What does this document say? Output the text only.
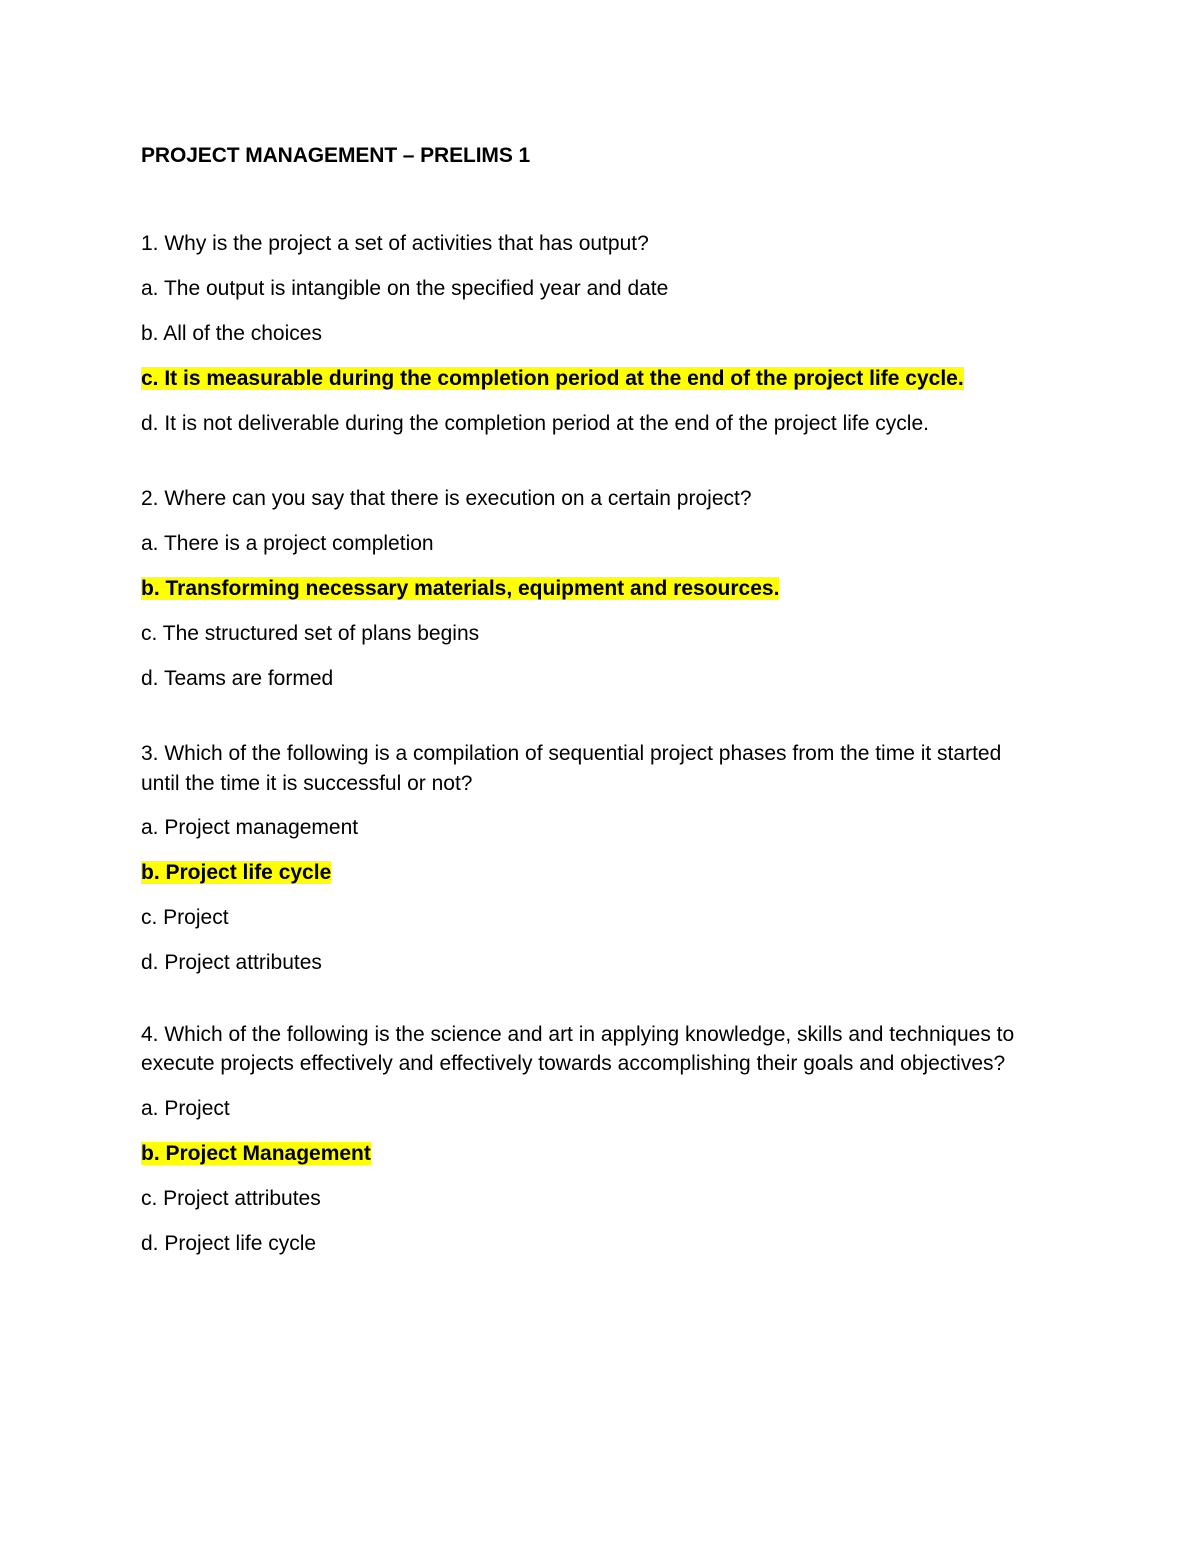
PROJECT MANAGEMENT – PRELIMS 1
1. Why is the project a set of activities that has output?
a. The output is intangible on the specified year and date
b. All of the choices
c. It is measurable during the completion period at the end of the project life cycle.
d. It is not deliverable during the completion period at the end of the project life cycle.
2. Where can you say that there is execution on a certain project?
a. There is a project completion
b. Transforming necessary materials, equipment and resources.
c. The structured set of plans begins
d. Teams are formed
3. Which of the following is a compilation of sequential project phases from the time it started until the time it is successful or not?
a. Project management
b. Project life cycle
c. Project
d. Project attributes
4. Which of the following is the science and art in applying knowledge, skills and techniques to execute projects effectively and effectively towards accomplishing their goals and objectives?
a. Project
b. Project Management
c. Project attributes
d. Project life cycle
